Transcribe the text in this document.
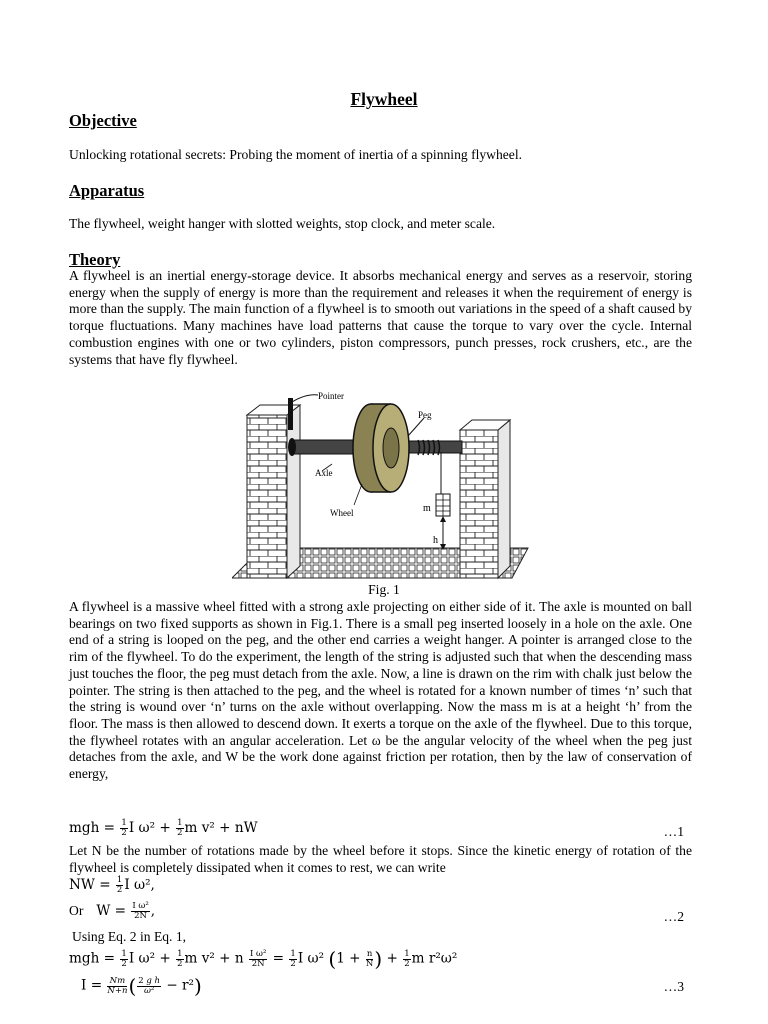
Flywheel
Objective
Unlocking rotational secrets: Probing the moment of inertia of a spinning flywheel.
Apparatus
The flywheel, weight hanger with slotted weights, stop clock, and meter scale.
Theory

A flywheel is an inertial energy-storage device. It absorbs mechanical energy and serves as a reservoir, storing energy when the supply of energy is more than the requirement and releases it when the requirement of energy is more than the supply. The main function of a flywheel is to smooth out variations in the speed of a shaft caused by torque fluctuations. Many machines have load patterns that cause the torque to vary over the cycle. Internal combustion engines with one or two cylinders, piston compressors, punch presses, rock crushers, etc., are the systems that have fly flywheel.

Pointer
Peg
Axle
Wheel	m
h
Fig. 1

A flywheel is a massive wheel fitted with a strong axle projecting on either side of it. The axle is mounted on ball bearings on two fixed supports as shown in Fig.1. There is a small peg inserted loosely in a hole on the axle. One end of a string is looped on the peg, and the other end carries a weight hanger. A pointer is arranged close to the rim of the flywheel. To do the experiment, the length of the string is adjusted such that when the descending mass just touches the floor, the peg must detach from the axle. Now, a line is drawn on the rim with chalk just below the pointer. The string is then attached to the peg, and the wheel is rotated for a known number of times ‘n’ such that the string is wound over ‘n’ turns on the axle without overlapping. Now the mass m is at a height ‘h’ from the floor. The mass is then allowed to descend down. It exerts a torque on the axle of the flywheel. Due to this torque, the flywheel rotates with an angular acceleration. Let ω be the angular velocity of the wheel when the peg just detaches from the axle, and W be the work done against friction per rotation, then by the law of conservation of energy,

mgh = $\frac{1}{2}$ I $\omega^2 + \frac{1}{2}$ m v² + nW	…1

Let N be the number of rotations made by the wheel before it stops. Since the kinetic energy of rotation of the flywheel is completely dissipated when it comes to rest, we can write

NW = $\frac{1}{2}$ I ω²,
Or   $W = \frac{\text{I ω²}}{2N}$ ,	…2
Using Eq. 2 in Eq. 1,
mgh = $\frac{1}{2}$ I $\omega^2 + \frac{1}{2}$ m v² + n $\frac{\text{I ω²}}{2N} = \frac{1}{2}$ I ω² ($1 + \frac{n}{N}$ ) + $\frac{1}{2}$ m r²ω²
$I = \frac{Nm}{N+n}$ ( $\frac{\text{2 g h}}{\text{ω²}} - r^2$)	…3
